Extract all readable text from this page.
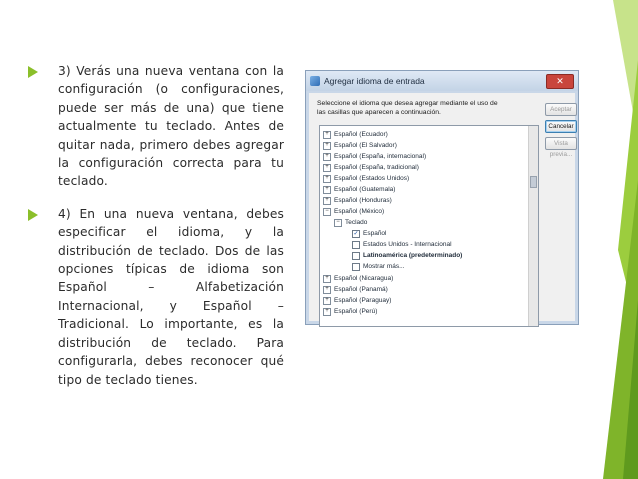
3) Verás una nueva ventana con la configuración (o configuraciones, puede ser más de una) que tiene actualmente tu teclado. Antes de quitar nada, primero debes agregar la configuración correcta para tu teclado.
4) En una nueva ventana, debes especificar el idioma, y la distribución de teclado. Dos de las opciones típicas de idioma son Español – Alfabetización Internacional, y Español – Tradicional. Lo importante, es la distribución de teclado. Para configurarla, debes reconocer qué tipo de teclado tienes.
Agregar idioma de entrada	✕
Seleccione el idioma que desea agregar mediante el uso de las casillas que aparecen a continuación.
+ Español (Ecuador)
+ Español (El Salvador)
+ Español (España, internacional)
+ Español (España, tradicional)
+ Español (Estados Unidos)
+ Español (Guatemala)
+ Español (Honduras)
− Español (México)
− Teclado
✓ Español
Estados Unidos - Internacional
Latinoamérica (predeterminado)
Mostrar más...
+ Español (Nicaragua)
+ Español (Panamá)
+ Español (Paraguay)
+ Español (Perú)
Aceptar
Cancelar
Vista previa...
